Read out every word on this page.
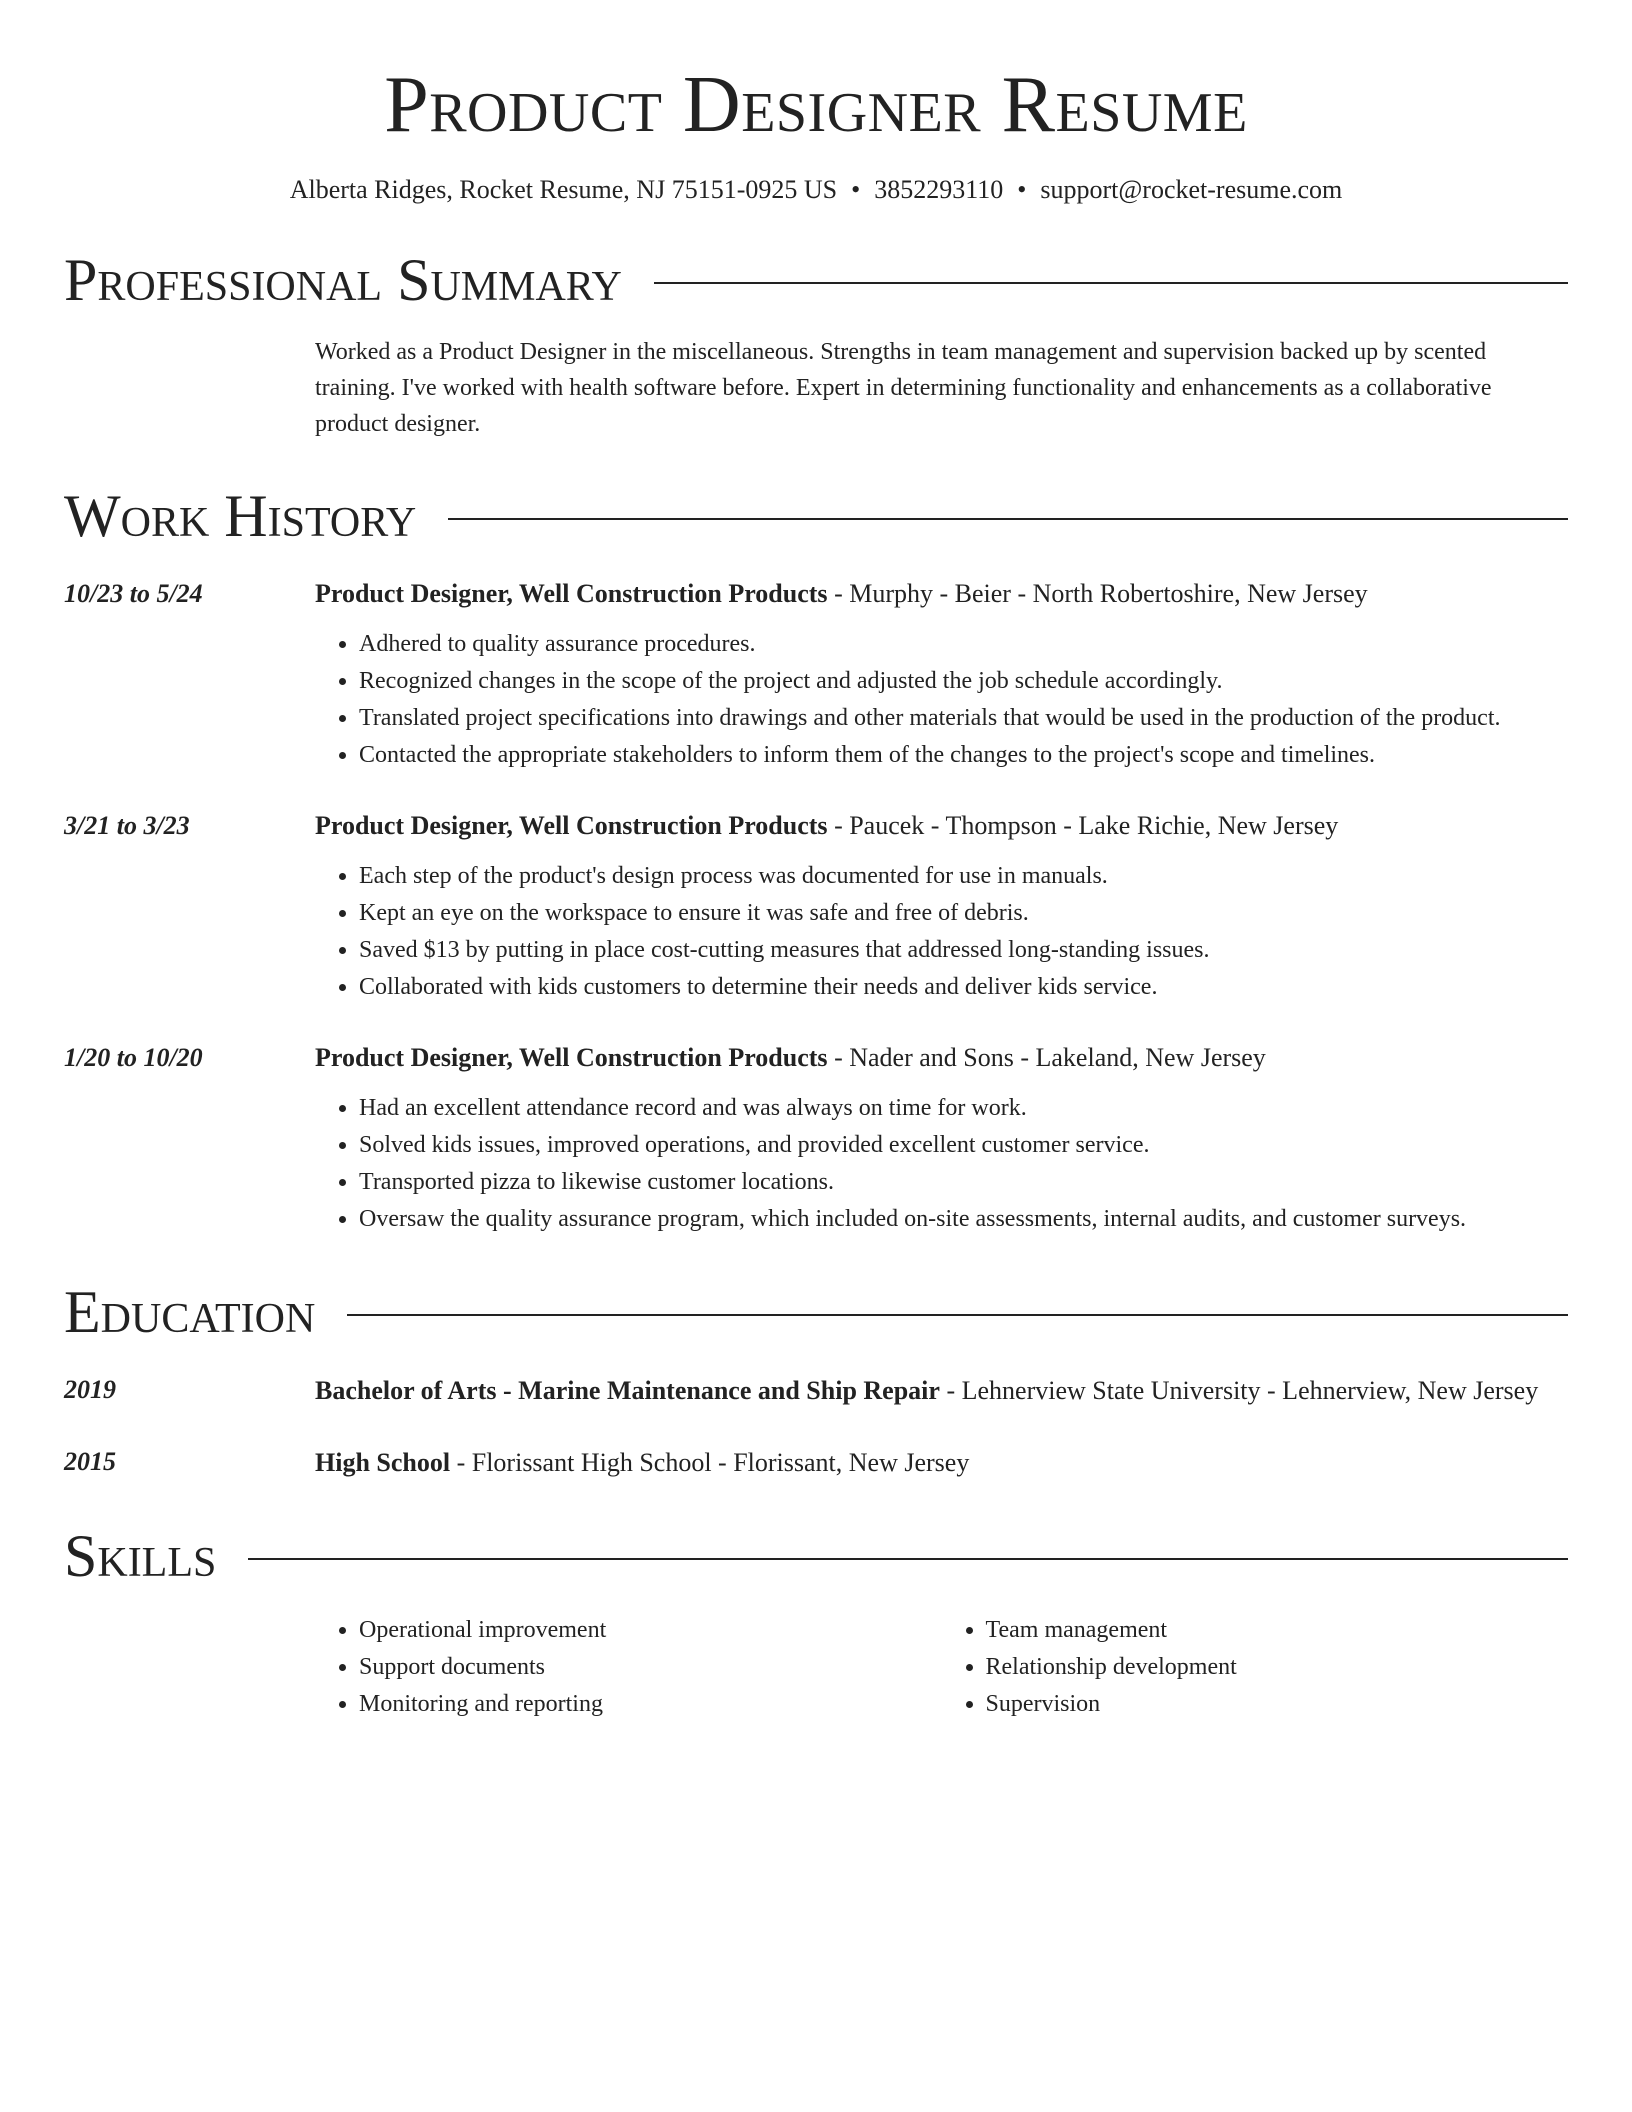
Product Designer Resume
Alberta Ridges, Rocket Resume, NJ 75151-0925 US • 3852293110 • support@rocket-resume.com
Professional Summary
Worked as a Product Designer in the miscellaneous. Strengths in team management and supervision backed up by scented training. I've worked with health software before. Expert in determining functionality and enhancements as a collaborative product designer.
Work History
10/23 to 5/24	Product Designer, Well Construction Products - Murphy - Beier - North Robertoshire, New Jersey
• Adhered to quality assurance procedures.
• Recognized changes in the scope of the project and adjusted the job schedule accordingly.
• Translated project specifications into drawings and other materials that would be used in the production of the product.
• Contacted the appropriate stakeholders to inform them of the changes to the project's scope and timelines.
3/21 to 3/23	Product Designer, Well Construction Products - Paucek - Thompson - Lake Richie, New Jersey
• Each step of the product's design process was documented for use in manuals.
• Kept an eye on the workspace to ensure it was safe and free of debris.
• Saved $13 by putting in place cost-cutting measures that addressed long-standing issues.
• Collaborated with kids customers to determine their needs and deliver kids service.
1/20 to 10/20	Product Designer, Well Construction Products - Nader and Sons - Lakeland, New Jersey
• Had an excellent attendance record and was always on time for work.
• Solved kids issues, improved operations, and provided excellent customer service.
• Transported pizza to likewise customer locations.
• Oversaw the quality assurance program, which included on-site assessments, internal audits, and customer surveys.
Education
2019	Bachelor of Arts - Marine Maintenance and Ship Repair - Lehnerview State University - Lehnerview, New Jersey
2015	High School - Florissant High School - Florissant, New Jersey
Skills
• Operational improvement
• Support documents
• Monitoring and reporting
• Team management
• Relationship development
• Supervision
